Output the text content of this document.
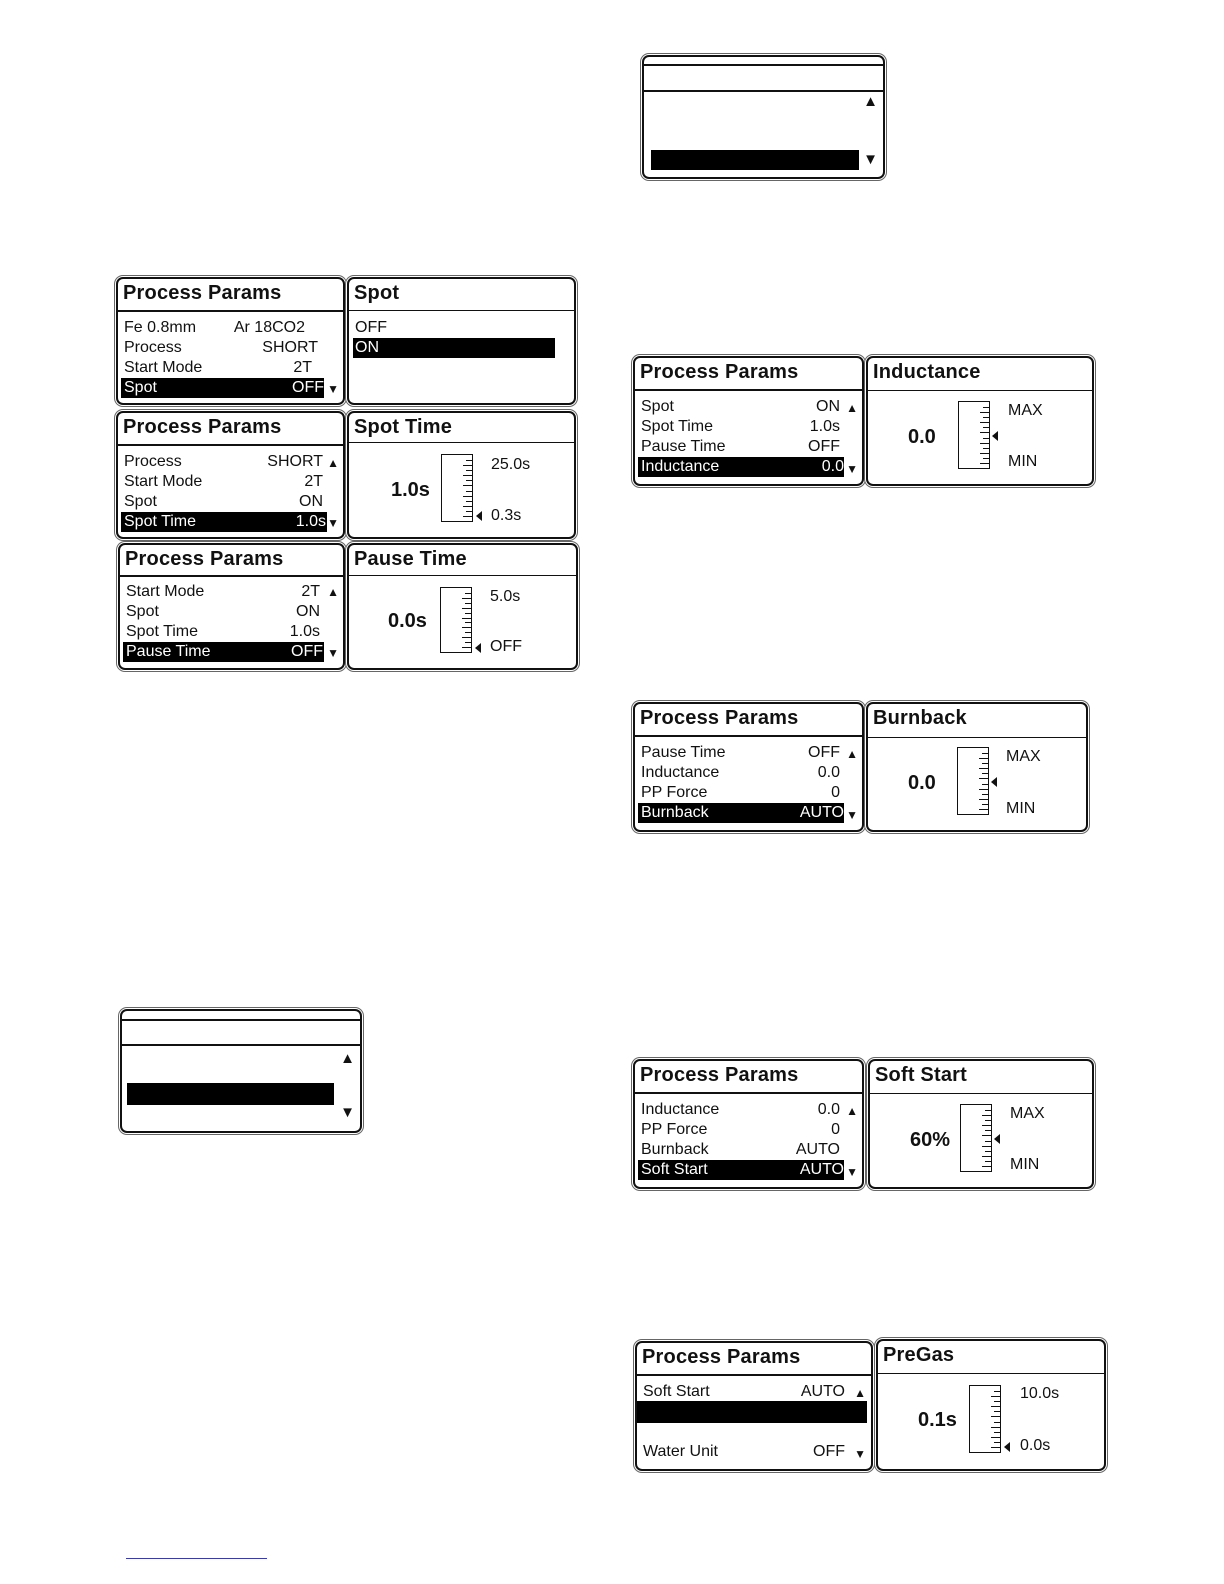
▲
▼
▲
▼
Process Params
Fe 0.8mm Ar 18CO2
Process	SHORT
Start Mode	2T
Spot	OFF ▼
Spot
OFF
ON
Process Params
Process	SHORT
Start Mode	2T
Spot	ON
Spot Time	1.0s
▲
▼
Spot Time
1.0s
25.0s
0.3s
Process Params
Start Mode	2T
Spot	ON
Spot Time	1.0s
Pause Time	OFF
▲
▼
Pause Time
0.0s
5.0s
OFF
Process Params
Spot	ON
Spot Time	1.0s
Pause Time	OFF
Inductance	0.0
▲
▼
Inductance
0.0
MAX
MIN
Process Params
Pause Time	OFF
Inductance	0.0
PP Force	0
Burnback	AUTO
▲
▼
Burnback
0.0
MAX
MIN
Process Params
Inductance	0.0
PP Force	0
Burnback	AUTO
Soft Start	AUTO
▲
▼
Soft Start
60%
MAX
MIN
Process Params
Soft Start	AUTO
Water Unit	OFF
▲
▼
PreGas
0.1s
10.0s
0.0s
